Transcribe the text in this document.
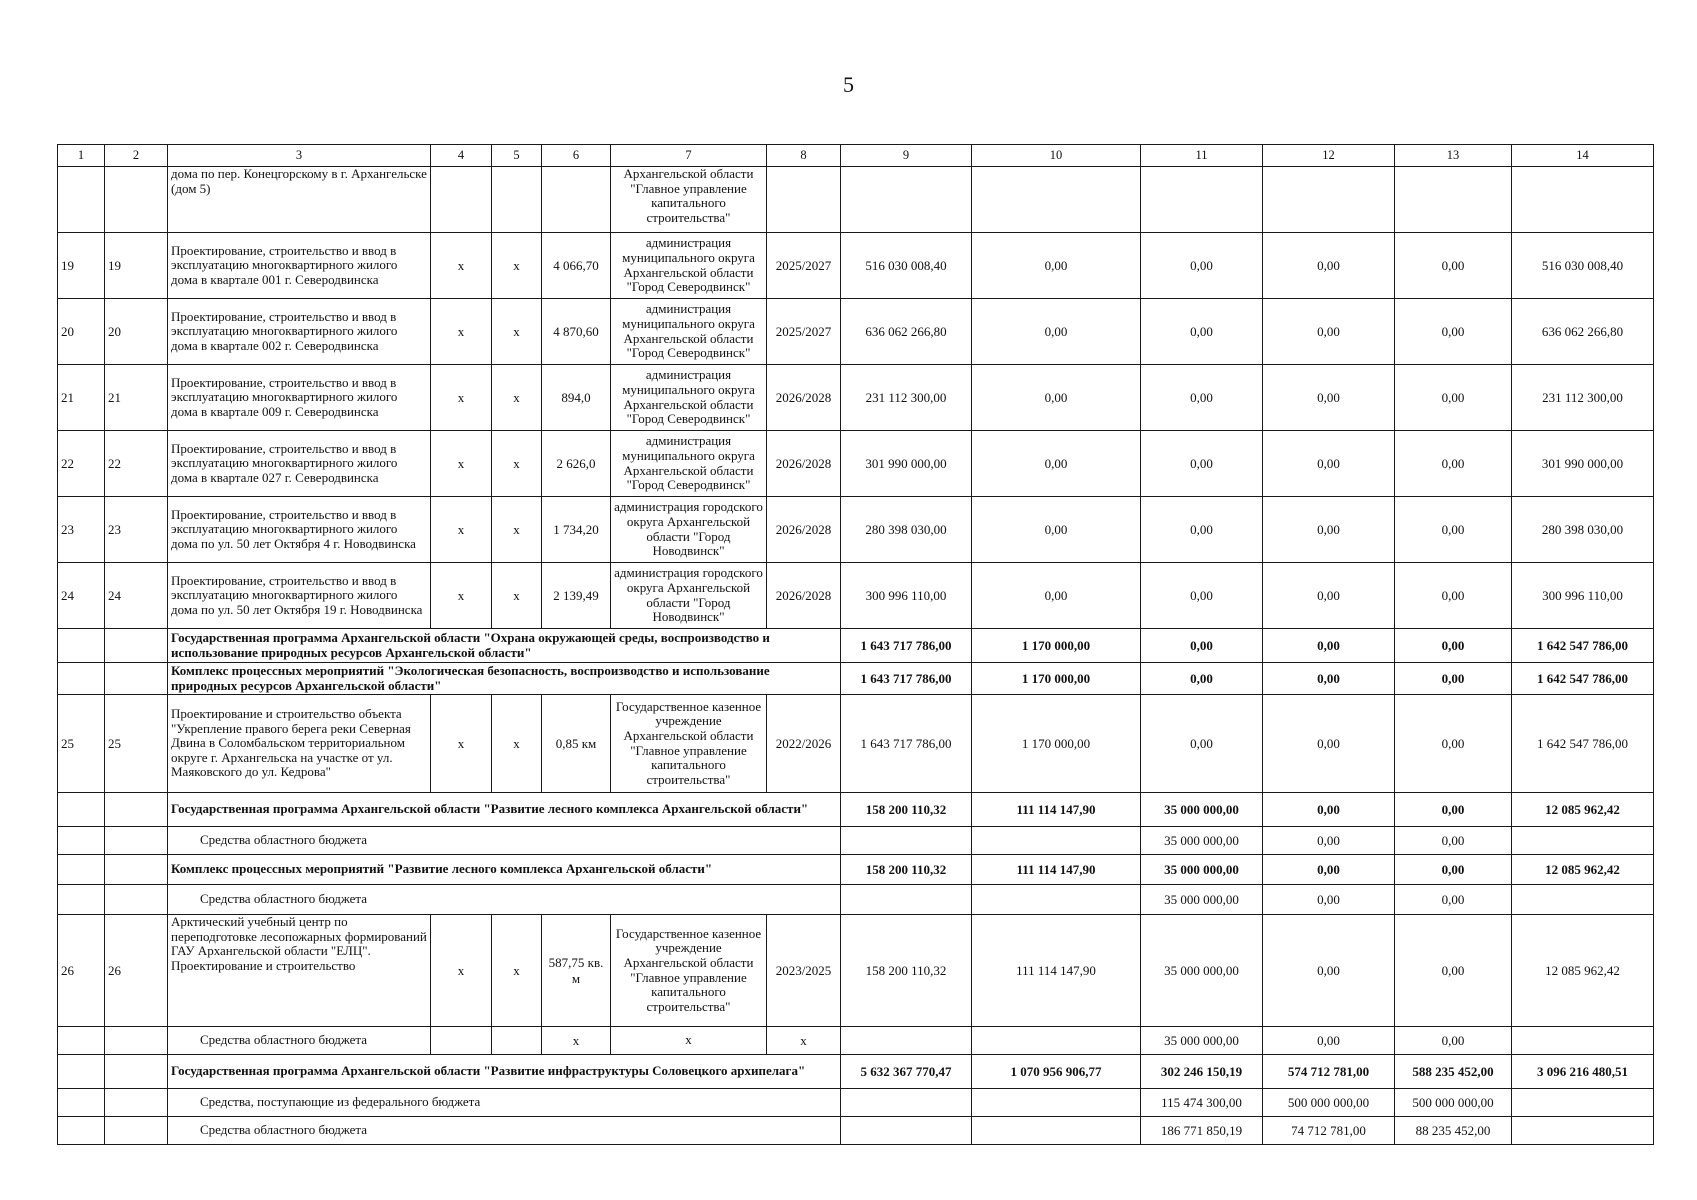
5
1	2	3	4	5	6	7	8	9	10	11	12	13	14
		дома по пер. Конецгорскому в г. Архангельске (дом 5)				Архангельской области "Главное управление капитального строительства"							
19	19	Проектирование, строительство и ввод в эксплуатацию многоквартирного жилого дома в квартале 001 г. Северодвинска	х	х	4 066,70	администрация муниципального округа Архангельской области "Город Северодвинск"	2025/2027	516 030 008,40	0,00	0,00	0,00	0,00	516 030 008,40
20	20	Проектирование, строительство и ввод в эксплуатацию многоквартирного жилого дома в квартале 002 г. Северодвинска	х	х	4 870,60	администрация муниципального округа Архангельской области "Город Северодвинск"	2025/2027	636 062 266,80	0,00	0,00	0,00	0,00	636 062 266,80
21	21	Проектирование, строительство и ввод в эксплуатацию многоквартирного жилого дома в квартале 009 г. Северодвинска	х	х	894,0	администрация муниципального округа Архангельской области "Город Северодвинск"	2026/2028	231 112 300,00	0,00	0,00	0,00	0,00	231 112 300,00
22	22	Проектирование, строительство и ввод в эксплуатацию многоквартирного жилого дома в квартале 027 г. Северодвинска	х	х	2 626,0	администрация муниципального округа Архангельской области "Город Северодвинск"	2026/2028	301 990 000,00	0,00	0,00	0,00	0,00	301 990 000,00
23	23	Проектирование, строительство и ввод в эксплуатацию многоквартирного жилого дома по ул. 50 лет Октября 4 г. Новодвинска	х	х	1 734,20	администрация городского округа Архангельской области "Город Новодвинск"	2026/2028	280 398 030,00	0,00	0,00	0,00	0,00	280 398 030,00
24	24	Проектирование, строительство и ввод в эксплуатацию многоквартирного жилого дома по ул. 50 лет Октября 19 г. Новодвинска	х	х	2 139,49	администрация городского округа Архангельской области "Город Новодвинск"	2026/2028	300 996 110,00	0,00	0,00	0,00	0,00	300 996 110,00
		Государственная программа Архангельской области "Охрана окружающей среды, воспроизводство и использование природных ресурсов Архангельской области"						1 643 717 786,00	1 170 000,00	0,00	0,00	0,00	1 642 547 786,00
		Комплекс процессных мероприятий "Экологическая безопасность, воспроизводство и использование природных ресурсов Архангельской области"						1 643 717 786,00	1 170 000,00	0,00	0,00	0,00	1 642 547 786,00
25	25	Проектирование и строительство объекта "Укрепление правого берега реки Северная Двина в Соломбальском территориальном округе г. Архангельска на участке от ул. Маяковского до ул. Кедрова"	х	х	0,85 км	Государственное казенное учреждение Архангельской области "Главное управление капитального строительства"	2022/2026	1 643 717 786,00	1 170 000,00	0,00	0,00	0,00	1 642 547 786,00
		Государственная программа Архангельской области "Развитие лесного комплекса Архангельской области"						158 200 110,32	111 114 147,90	35 000 000,00	0,00	0,00	12 085 962,42
		Средства областного бюджета								35 000 000,00	0,00	0,00	
		Комплекс процессных мероприятий "Развитие лесного комплекса Архангельской области"						158 200 110,32	111 114 147,90	35 000 000,00	0,00	0,00	12 085 962,42
		Средства областного бюджета								35 000 000,00	0,00	0,00	
26	26	Арктический учебный центр по переподготовке лесопожарных формирований ГАУ Архангельской области "ЕЛЦ". Проектирование и строительство	х	х	587,75 кв. м	Государственное казенное учреждение Архангельской области "Главное управление капитального строительства"	2023/2025	158 200 110,32	111 114 147,90	35 000 000,00	0,00	0,00	12 085 962,42
		Средства областного бюджета			х	х	х			35 000 000,00	0,00	0,00	
		Государственная программа Архангельской области "Развитие инфраструктуры Соловецкого архипелага"						5 632 367 770,47	1 070 956 906,77	302 246 150,19	574 712 781,00	588 235 452,00	3 096 216 480,51
		Средства, поступающие из федерального бюджета								115 474 300,00	500 000 000,00	500 000 000,00	
		Средства областного бюджета								186 771 850,19	74 712 781,00	88 235 452,00	
